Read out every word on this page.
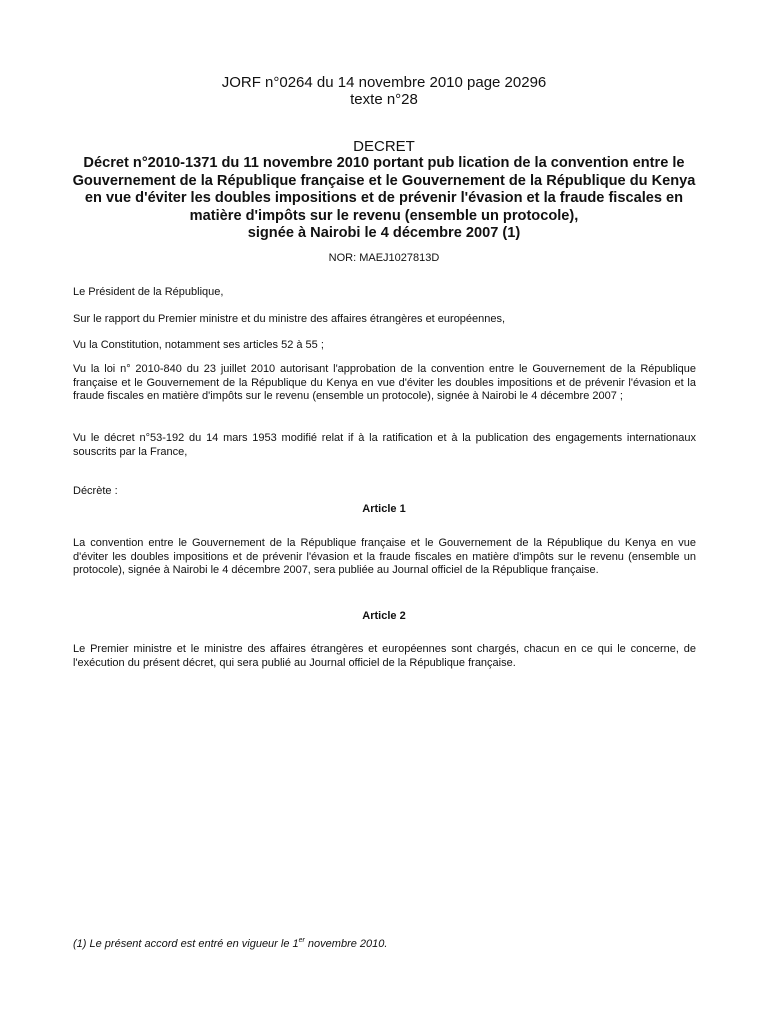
JORF n°0264 du 14 novembre 2010 page 20296
texte n°28
DECRET
Décret n°2010-1371 du 11 novembre 2010 portant pub lication de la convention entre le
Gouvernement de la République française et le Gouvernement de la République du Kenya
en vue d'éviter les doubles impositions et de prévenir l'évasion et la fraude fiscales en
matière d'impôts sur le revenu (ensemble un protocole),
signée à Nairobi le 4 décembre 2007 (1)
NOR: MAEJ1027813D
Le Président de la République,
Sur le rapport du Premier ministre et du ministre des affaires étrangères et européennes,
Vu la Constitution, notamment ses articles 52 à 55 ;
Vu la loi n° 2010-840 du 23 juillet 2010 autorisant l'approbation de la convention entre le Gouvernement de la République française et le Gouvernement de la République du Kenya en vue d'éviter les doubles impositions et de prévenir l'évasion et la fraude fiscales en matière d'impôts sur le revenu (ensemble un protocole), signée à Nairobi le 4 décembre 2007 ;
Vu le décret n°53-192 du 14 mars 1953 modifié relat if à la ratification et à la publication des engagements internationaux souscrits par la France,
Décrète :
Article 1
La convention entre le Gouvernement de la République française et le Gouvernement de la République du Kenya en vue d'éviter les doubles impositions et de prévenir l'évasion et la fraude fiscales en matière d'impôts sur le revenu (ensemble un protocole), signée à Nairobi le 4 décembre 2007, sera publiée au Journal officiel de la République française.
Article 2
Le Premier ministre et le ministre des affaires étrangères et européennes sont chargés, chacun en ce qui le concerne, de l'exécution du présent décret, qui sera publié au Journal officiel de la République française.
(1) Le présent accord est entré en vigueur le 1er novembre 2010.
